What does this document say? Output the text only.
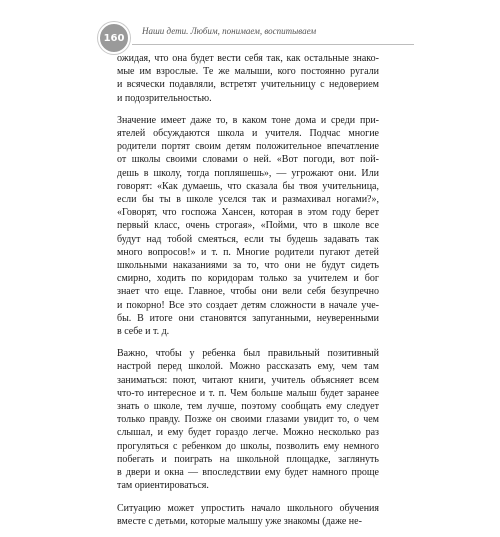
160
Наши дети. Любим, понимаем, воспитываем

ожидая, что она будет вести себя так, как остальные знако-
мые им взрослые. Те же малыши, кого постоянно ругали
и всячески подавляли, встретят учительницу с недоверием
и подозрительностью.

Значение имеет даже то, в каком тоне дома и среди при-
ятелей обсуждаются школа и учителя. Подчас многие
родители портят своим детям положительное впечатление
от школы своими словами о ней. «Вот погоди, вот пой-
дешь в школу, тогда попляшешь», — угрожают они. Или
говорят: «Как думаешь, что сказала бы твоя учительница,
если бы ты в школе уселся так и размахивал ногами?»,
«Говорят, что госпожа Хансен, которая в этом году берет
первый класс, очень строгая», «Пойми, что в школе все
будут над тобой смеяться, если ты будешь задавать так
много вопросов!» и т. п. Многие родители пугают детей
школьными наказаниями за то, что они не будут сидеть
смирно, ходить по коридорам только за учителем и бог
знает что еще. Главное, чтобы они вели себя безупречно
и покорно! Все это создает детям сложности в начале уче-
бы. В итоге они становятся запуганными, неуверенными
в себе и т. д.

Важно, чтобы у ребенка был правильный позитивный
настрой перед школой. Можно рассказать ему, чем там
заниматься: поют, читают книги, учитель объясняет всем
что-то интересное и т. п. Чем больше малыш будет заранее
знать о школе, тем лучше, поэтому сообщать ему следует
только правду. Позже он своими глазами увидит то, о чем
слышал, и ему будет гораздо легче. Можно несколько раз
прогуляться с ребенком до школы, позволить ему немного
побегать и поиграть на школьной площадке, заглянуть
в двери и окна — впоследствии ему будет намного проще
там ориентироваться.

Ситуацию может упростить начало школьного обучения
вместе с детьми, которые малышу уже знакомы (даже не-
